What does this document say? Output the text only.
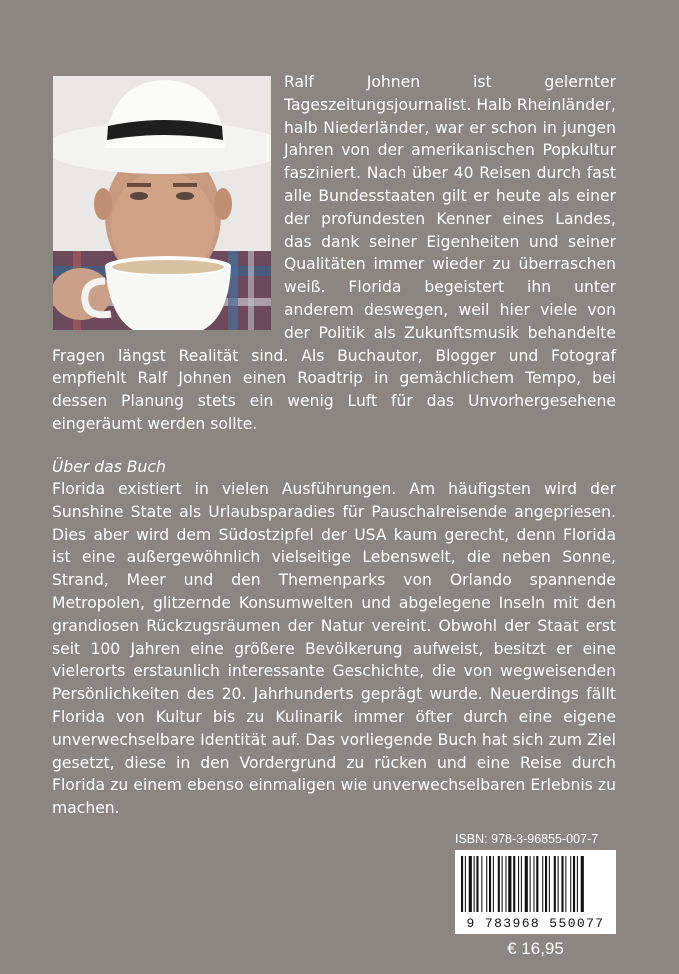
Ralf Johnen ist gelernter Tageszeitungsjournalist. Halb Rheinländer, halb Niederländer, war er schon in jungen Jahren von der amerikanischen Popkultur fasziniert. Nach über 40 Reisen durch fast alle Bundesstaaten gilt er heute als einer der profundesten Kenner eines Landes, das dank seiner Eigenheiten und seiner Qualitäten immer wieder zu überraschen weiß. Florida begeistert ihn unter anderem deswegen, weil hier viele von der Politik als Zukunftsmusik behandelte Fragen längst Realität sind. Als Buchautor, Blogger und Fotograf empfiehlt Ralf Johnen einen Roadtrip in gemächlichem Tempo, bei dessen Planung stets ein wenig Luft für das Unvorhergesehene eingeräumt werden sollte.

Über das Buch

Florida existiert in vielen Ausführungen. Am häufigsten wird der Sunshine State als Urlaubsparadies für Pauschalreisende angepriesen. Dies aber wird dem Südostzipfel der USA kaum gerecht, denn Florida ist eine außergewöhnlich vielseitige Lebenswelt, die neben Sonne, Strand, Meer und den Themenparks von Orlando spannende Metropolen, glitzernde Konsumwelten und abgelegene Inseln mit den grandiosen Rückzugsräumen der Natur vereint. Obwohl der Staat erst seit 100 Jahren eine größere Bevölkerung aufweist, besitzt er eine vielerorts erstaunlich interessante Geschichte, die von wegweisenden Persönlichkeiten des 20. Jahrhunderts geprägt wurde. Neuerdings fällt Florida von Kultur bis zu Kulinarik immer öfter durch eine eigene unverwechselbare Identität auf. Das vorliegende Buch hat sich zum Ziel gesetzt, diese in den Vordergrund zu rücken und eine Reise durch Florida zu einem ebenso einmaligen wie unverwechselbaren Erlebnis zu machen.

ISBN: 978-3-96855-007-7
9 783968 550077
€ 16,95
